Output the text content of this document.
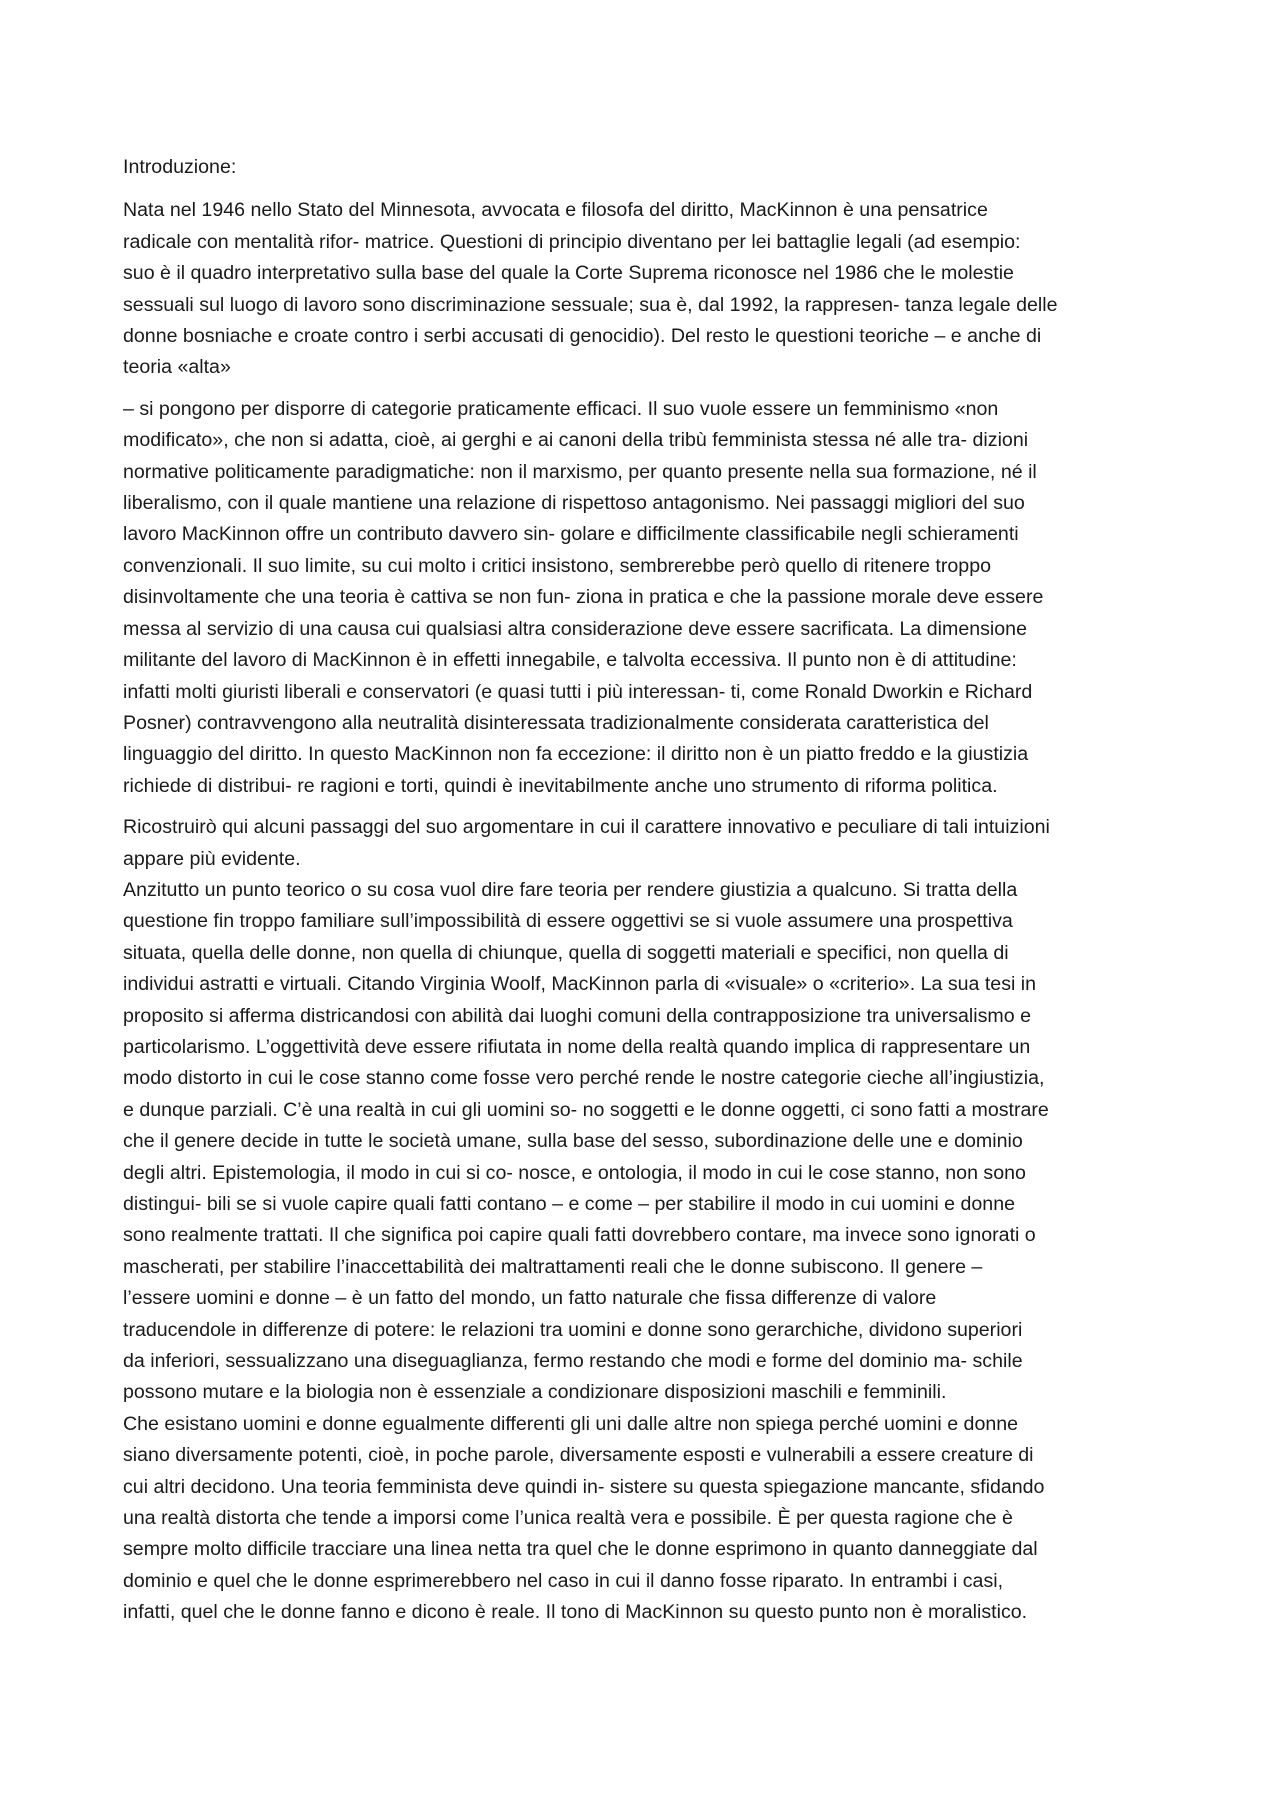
Introduzione:
Nata nel 1946 nello Stato del Minnesota, avvocata e filosofa del diritto, MacKinnon è una pensatrice
radicale con mentalità rifor- matrice. Questioni di principio diventano per lei battaglie legali (ad esempio:
suo è il quadro interpretativo sulla base del quale la Corte Suprema riconosce nel 1986 che le molestie
sessuali sul luogo di lavoro sono discriminazione sessuale; sua è, dal 1992, la rappresen- tanza legale delle
donne bosniache e croate contro i serbi accusati di genocidio). Del resto le questioni teoriche – e anche di
teoria «alta»
– si pongono per disporre di categorie praticamente efficaci. Il suo vuole essere un femminismo «non
modificato», che non si adatta, cioè, ai gerghi e ai canoni della tribù femminista stessa né alle tra- dizioni
normative politicamente paradigmatiche: non il marxismo, per quanto presente nella sua formazione, né il
liberalismo, con il quale mantiene una relazione di rispettoso antagonismo. Nei passaggi migliori del suo
lavoro MacKinnon offre un contributo davvero sin- golare e difficilmente classificabile negli schieramenti
convenzionali. Il suo limite, su cui molto i critici insistono, sembrerebbe però quello di ritenere troppo
disinvoltamente che una teoria è cattiva se non fun- ziona in pratica e che la passione morale deve essere
messa al servizio di una causa cui qualsiasi altra considerazione deve essere sacrificata. La dimensione
militante del lavoro di MacKinnon è in effetti innegabile, e talvolta eccessiva. Il punto non è di attitudine:
infatti molti giuristi liberali e conservatori (e quasi tutti i più interessan- ti, come Ronald Dworkin e Richard
Posner) contravvengono alla neutralità disinteressata tradizionalmente considerata caratteristica del
linguaggio del diritto. In questo MacKinnon non fa eccezione: il diritto non è un piatto freddo e la giustizia
richiede di distribui- re ragioni e torti, quindi è inevitabilmente anche uno strumento di riforma politica.
Ricostruirò qui alcuni passaggi del suo argomentare in cui il carattere innovativo e peculiare di tali intuizioni
appare più evidente.
Anzitutto un punto teorico o su cosa vuol dire fare teoria per rendere giustizia a qualcuno. Si tratta della
questione fin troppo familiare sull’impossibilità di essere oggettivi se si vuole assumere una prospettiva
situata, quella delle donne, non quella di chiunque, quella di soggetti materiali e specifici, non quella di
individui astratti e virtuali. Citando Virginia Woolf, MacKinnon parla di «visuale» o «criterio». La sua tesi in
proposito si afferma districandosi con abilità dai luoghi comuni della contrapposizione tra universalismo e
particolarismo. L’oggettività deve essere rifiutata in nome della realtà quando implica di rappresentare un
modo distorto in cui le cose stanno come fosse vero perché rende le nostre categorie cieche all’ingiustizia,
e dunque parziali. C’è una realtà in cui gli uomini so- no soggetti e le donne oggetti, ci sono fatti a mostrare
che il genere decide in tutte le società umane, sulla base del sesso, subordinazione delle une e dominio
degli altri. Epistemologia, il modo in cui si co- nosce, e ontologia, il modo in cui le cose stanno, non sono
distingui- bili se si vuole capire quali fatti contano – e come – per stabilire il modo in cui uomini e donne
sono realmente trattati. Il che significa poi capire quali fatti dovrebbero contare, ma invece sono ignorati o
mascherati, per stabilire l’inaccettabilità dei maltrattamenti reali che le donne subiscono. Il genere –
l’essere uomini e donne – è un fatto del mondo, un fatto naturale che fissa differenze di valore
traducendole in differenze di potere: le relazioni tra uomini e donne sono gerarchiche, dividono superiori
da inferiori, sessualizzano una diseguaglianza, fermo restando che modi e forme del dominio ma- schile
possono mutare e la biologia non è essenziale a condizionare disposizioni maschili e femminili.
Che esistano uomini e donne egualmente differenti gli uni dalle altre non spiega perché uomini e donne
siano diversamente potenti, cioè, in poche parole, diversamente esposti e vulnerabili a essere creature di
cui altri decidono. Una teoria femminista deve quindi in- sistere su questa spiegazione mancante, sfidando
una realtà distorta che tende a imporsi come l’unica realtà vera e possibile. È per questa ragione che è
sempre molto difficile tracciare una linea netta tra quel che le donne esprimono in quanto danneggiate dal
dominio e quel che le donne esprimerebbero nel caso in cui il danno fosse riparato. In entrambi i casi,
infatti, quel che le donne fanno e dicono è reale. Il tono di MacKinnon su questo punto non è moralistico.
